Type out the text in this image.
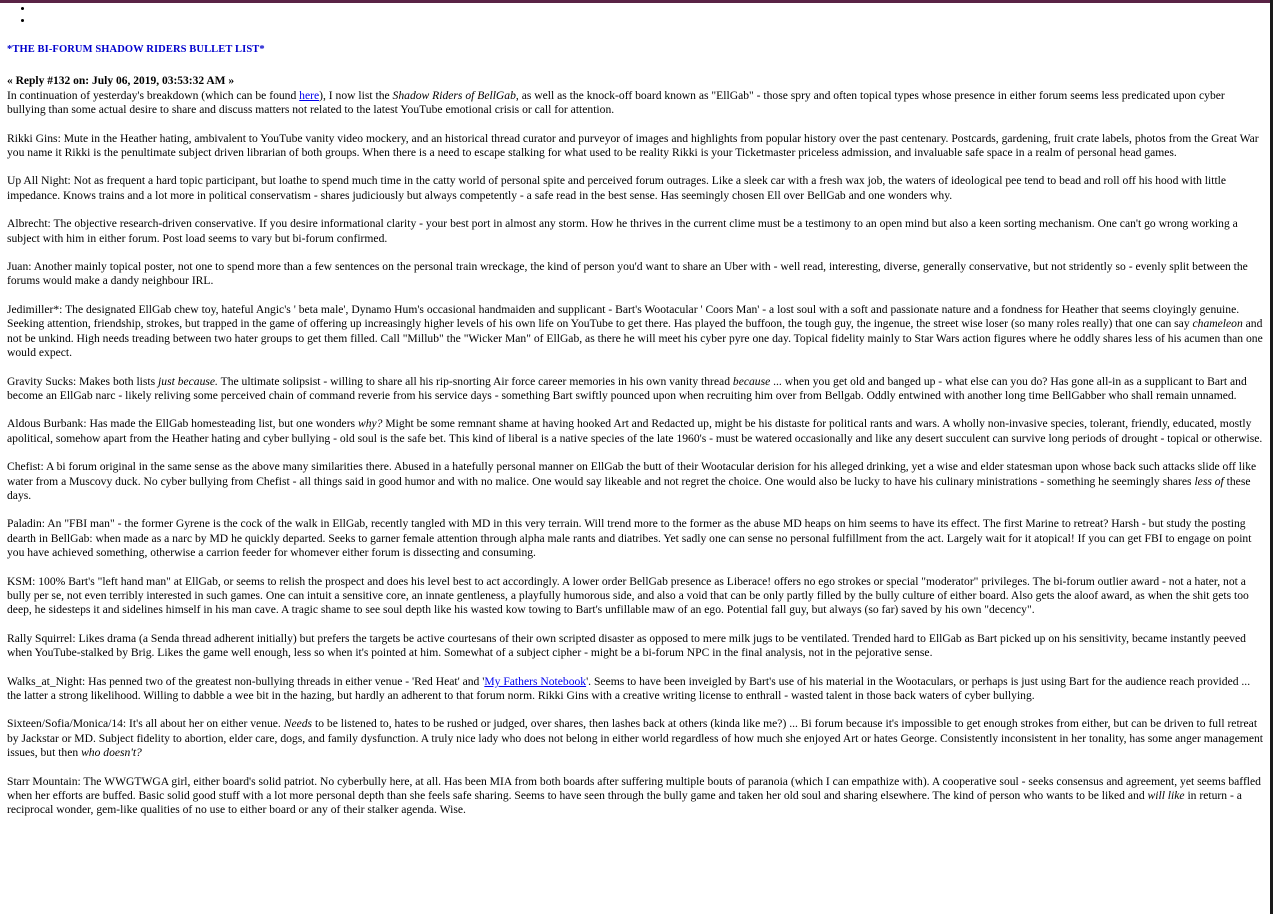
•
•
*THE BI-FORUM SHADOW RIDERS BULLET LIST*
« Reply #132 on: July 06, 2019, 03:53:32 AM »

In continuation of yesterday's breakdown (which can be found here), I now list the Shadow Riders of BellGab, as well as the knock-off board known as "EllGab" - those spry and often topical types whose presence in either forum seems less predicated upon cyber bullying than some actual desire to share and discuss matters not related to the latest YouTube emotional crisis or call for attention.

Rikki Gins: Mute in the Heather hating, ambivalent to YouTube vanity video mockery, and an historical thread curator and purveyor of images and highlights from popular history over the past centenary. Postcards, gardening, fruit crate labels, photos from the Great War you name it Rikki is the penultimate subject driven librarian of both groups. When there is a need to escape stalking for what used to be reality Rikki is your Ticketmaster priceless admission, and invaluable safe space in a realm of personal head games.

Up All Night: Not as frequent a hard topic participant, but loathe to spend much time in the catty world of personal spite and perceived forum outrages. Like a sleek car with a fresh wax job, the waters of ideological pee tend to bead and roll off his hood with little impedance. Knows trains and a lot more in political conservatism - shares judiciously but always competently - a safe read in the best sense. Has seemingly chosen Ell over BellGab and one wonders why.

Albrecht: The objective research-driven conservative. If you desire informational clarity - your best port in almost any storm. How he thrives in the current clime must be a testimony to an open mind but also a keen sorting mechanism. One can't go wrong working a subject with him in either forum. Post load seems to vary but bi-forum confirmed.

Juan: Another mainly topical poster, not one to spend more than a few sentences on the personal train wreckage, the kind of person you'd want to share an Uber with - well read, interesting, diverse, generally conservative, but not stridently so - evenly split between the forums would make a dandy neighbour IRL.

Jedimiller*: The designated EllGab chew toy, hateful Angic's ' beta male', Dynamo Hum's occasional handmaiden and supplicant - Bart's Wootacular ' Coors Man' - a lost soul with a soft and passionate nature and a fondness for Heather that seems cloyingly genuine. Seeking attention, friendship, strokes, but trapped in the game of offering up increasingly higher levels of his own life on YouTube to get there. Has played the buffoon, the tough guy, the ingenue, the street wise loser (so many roles really) that one can say chameleon and not be unkind. High needs treading between two hater groups to get them filled. Call "Millub" the "Wicker Man" of EllGab, as there he will meet his cyber pyre one day. Topical fidelity mainly to Star Wars action figures where he oddly shares less of his acumen than one would expect.

Gravity Sucks: Makes both lists just because. The ultimate solipsist - willing to share all his rip-snorting Air force career memories in his own vanity thread because ... when you get old and banged up - what else can you do? Has gone all-in as a supplicant to Bart and become an EllGab narc - likely reliving some perceived chain of command reverie from his service days - something Bart swiftly pounced upon when recruiting him over from Bellgab. Oddly entwined with another long time BellGabber who shall remain unnamed.

Aldous Burbank: Has made the EllGab homesteading list, but one wonders why? Might be some remnant shame at having hooked Art and Redacted up, might be his distaste for political rants and wars. A wholly non-invasive species, tolerant, friendly, educated, mostly apolitical, somehow apart from the Heather hating and cyber bullying - old soul is the safe bet. This kind of liberal is a native species of the late 1960's - must be watered occasionally and like any desert succulent can survive long periods of drought - topical or otherwise.

Chefist: A bi forum original in the same sense as the above many similarities there. Abused in a hatefully personal manner on EllGab the butt of their Wootacular derision for his alleged drinking, yet a wise and elder statesman upon whose back such attacks slide off like water from a Muscovy duck. No cyber bullying from Chefist - all things said in good humor and with no malice. One would say likeable and not regret the choice. One would also be lucky to have his culinary ministrations - something he seemingly shares less of these days.

Paladin: An "FBI man" - the former Gyrene is the cock of the walk in EllGab, recently tangled with MD in this very terrain. Will trend more to the former as the abuse MD heaps on him seems to have its effect. The first Marine to retreat? Harsh - but study the posting dearth in BellGab: when made as a narc by MD he quickly departed. Seeks to garner female attention through alpha male rants and diatribes. Yet sadly one can sense no personal fulfillment from the act. Largely wait for it atopical! If you can get FBI to engage on point you have achieved something, otherwise a carrion feeder for whomever either forum is dissecting and consuming.

KSM: 100% Bart's "left hand man" at EllGab, or seems to relish the prospect and does his level best to act accordingly. A lower order BellGab presence as Liberace! offers no ego strokes or special "moderator" privileges. The bi-forum outlier award - not a hater, not a bully per se, not even terribly interested in such games. One can intuit a sensitive core, an innate gentleness, a playfully humorous side, and also a void that can be only partly filled by the bully culture of either board. Also gets the aloof award, as when the shit gets too deep, he sidesteps it and sidelines himself in his man cave. A tragic shame to see soul depth like his wasted kow towing to Bart's unfillable maw of an ego. Potential fall guy, but always (so far) saved by his own "decency".

Rally Squirrel: Likes drama (a Senda thread adherent initially) but prefers the targets be active courtesans of their own scripted disaster as opposed to mere milk jugs to be ventilated. Trended hard to EllGab as Bart picked up on his sensitivity, became instantly peeved when YouTube-stalked by Brig. Likes the game well enough, less so when it's pointed at him. Somewhat of a subject cipher - might be a bi-forum NPC in the final analysis, not in the pejorative sense.

Walks_at_Night: Has penned two of the greatest non-bullying threads in either venue - 'Red Heat' and 'My Fathers Notebook'. Seems to have been inveigled by Bart's use of his material in the Wootaculars, or perhaps is just using Bart for the audience reach provided ... the latter a strong likelihood. Willing to dabble a wee bit in the hazing, but hardly an adherent to that forum norm. Rikki Gins with a creative writing license to enthrall - wasted talent in those back waters of cyber bullying.

Sixteen/Sofia/Monica/14: It's all about her on either venue. Needs to be listened to, hates to be rushed or judged, over shares, then lashes back at others (kinda like me?) ... Bi forum because it's impossible to get enough strokes from either, but can be driven to full retreat by Jackstar or MD. Subject fidelity to abortion, elder care, dogs, and family dysfunction. A truly nice lady who does not belong in either world regardless of how much she enjoyed Art or hates George. Consistently inconsistent in her tonality, has some anger management issues, but then who doesn't?

Starr Mountain: The WWGTWGA girl, either board's solid patriot. No cyberbully here, at all. Has been MIA from both boards after suffering multiple bouts of paranoia (which I can empathize with). A cooperative soul - seeks consensus and agreement, yet seems baffled when her efforts are buffed. Basic solid good stuff with a lot more personal depth than she feels safe sharing. Seems to have seen through the bully game and taken her old soul and sharing elsewhere. The kind of person who wants to be liked and will like in return - a reciprocal wonder, gem-like qualities of no use to either board or any of their stalker agenda. Wise.
